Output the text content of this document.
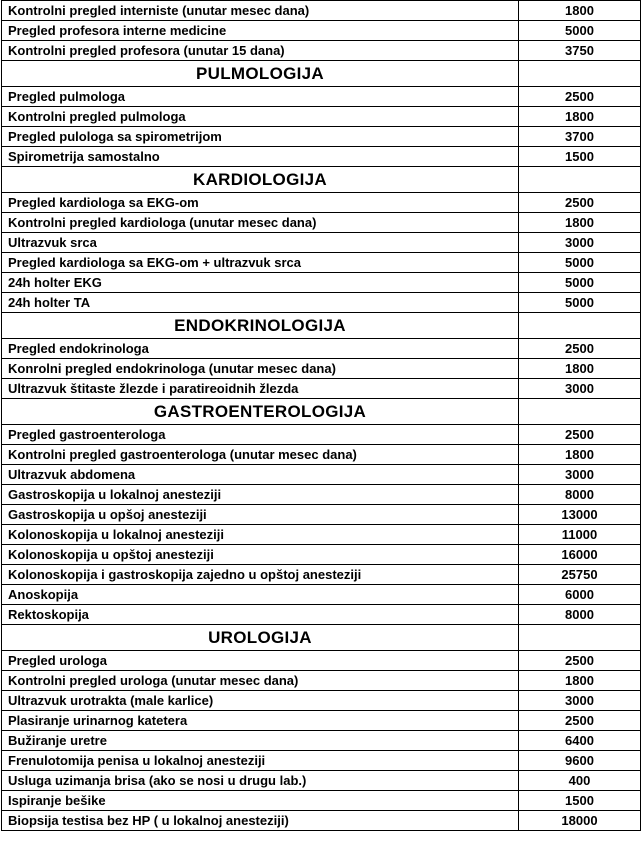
Kontrolni pregled interniste (unutar mesec dana)	1800
Pregled profesora interne medicine	5000
Kontrolni pregled profesora (unutar 15 dana)	3750
PULMOLOGIJA	
Pregled pulmologa	2500
Kontrolni pregled pulmologa	1800
Pregled pulologa sa spirometrijom	3700
Spirometrija samostalno	1500
KARDIOLOGIJA	
Pregled kardiologa sa EKG-om	2500
Kontrolni pregled kardiologa (unutar mesec dana)	1800
Ultrazvuk srca	3000
Pregled kardiologa sa EKG-om + ultrazvuk srca	5000
24h holter EKG	5000
24h holter TA	5000
ENDOKRINOLOGIJA	
Pregled endokrinologa	2500
Konrolni pregled endokrinologa (unutar mesec dana)	1800
Ultrazvuk štitaste žlezde i paratireoidnih žlezda	3000
GASTROENTEROLOGIJA	
Pregled gastroenterologa	2500
Kontrolni pregled gastroenterologa (unutar mesec dana)	1800
Ultrazvuk abdomena	3000
Gastroskopija u lokalnoj anesteziji	8000
Gastroskopija u opšoj anesteziji	13000
Kolonoskopija u lokalnoj anesteziji	11000
Kolonoskopija u opštoj anesteziji	16000
Kolonoskopija i gastroskopija zajedno u opštoj anesteziji	25750
Anoskopija	6000
Rektoskopija	8000
UROLOGIJA	
Pregled urologa	2500
Kontrolni pregled urologa (unutar mesec dana)	1800
Ultrazvuk urotrakta (male karlice)	3000
Plasiranje urinarnog katetera	2500
Bužiranje uretre	6400
Frenulotomija penisa u lokalnoj anesteziji	9600
Usluga uzimanja brisa (ako se nosi u drugu lab.)	400
Ispiranje bešike	1500
Biopsija testisa bez HP ( u lokalnoj anesteziji)	18000
